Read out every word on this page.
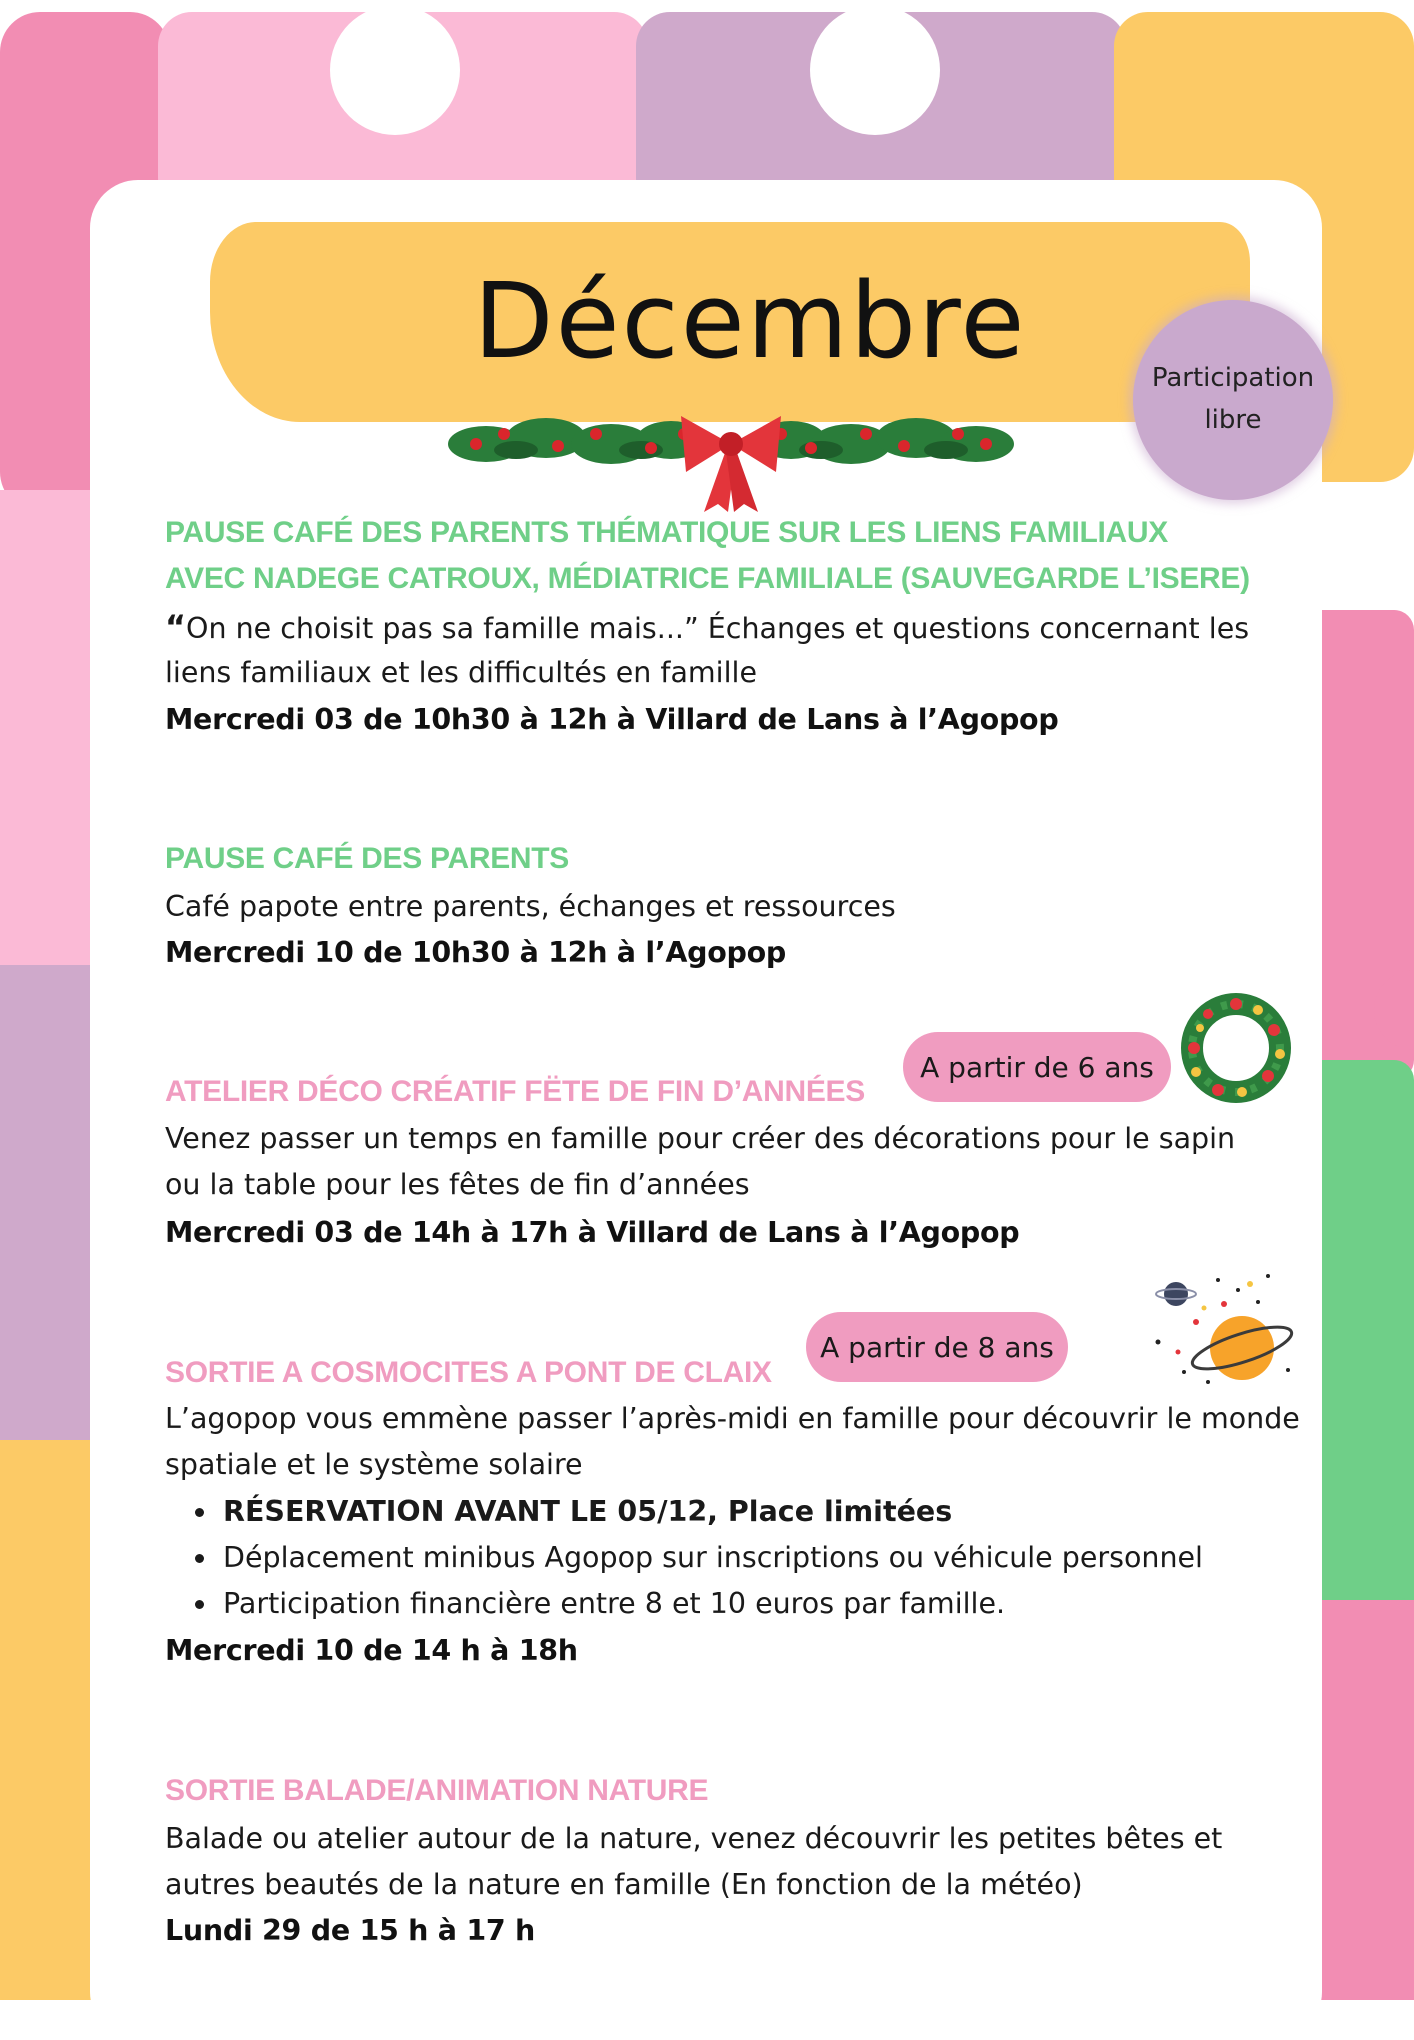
Décembre	Participation
libre
PAUSE CAFÉ DES PARENTS THÉMATIQUE SUR LES LIENS FAMILIAUX
AVEC NADEGE CATROUX, MÉDIATRICE FAMILIALE (SAUVEGARDE L’ISERE)
“On ne choisit pas sa famille mais...” Échanges et questions concernant les
liens familiaux et les difficultés en famille
Mercredi 03 de 10h30 à 12h à Villard de Lans à l’Agopop
PAUSE CAFÉ DES PARENTS
Café papote entre parents, échanges et ressources
Mercredi 10 de 10h30 à 12h à l’Agopop
ATELIER DÉCO CRÉATIF FËTE DE FIN D’ANNÉES
Venez passer un temps en famille pour créer des décorations pour le sapin
ou la table pour les fêtes de fin d’années
Mercredi 03 de 14h à 17h à Villard de Lans à l’Agopop
SORTIE A COSMOCITES A PONT DE CLAIX
L’agopop vous emmène passer l’après-midi en famille pour découvrir le monde
spatiale et le système solaire
RÉSERVATION AVANT LE 05/12, Place limitées
Déplacement minibus Agopop sur inscriptions ou véhicule personnel
Participation financière entre 8 et 10 euros par famille.
Mercredi 10 de 14 h à 18h
SORTIE BALADE/ANIMATION NATURE
Balade ou atelier autour de la nature, venez découvrir les petites bêtes et
autres beautés de la nature en famille (En fonction de la météo)
Lundi 29 de 15 h à 17 h
A partir de 6 ans
A partir de 8 ans
